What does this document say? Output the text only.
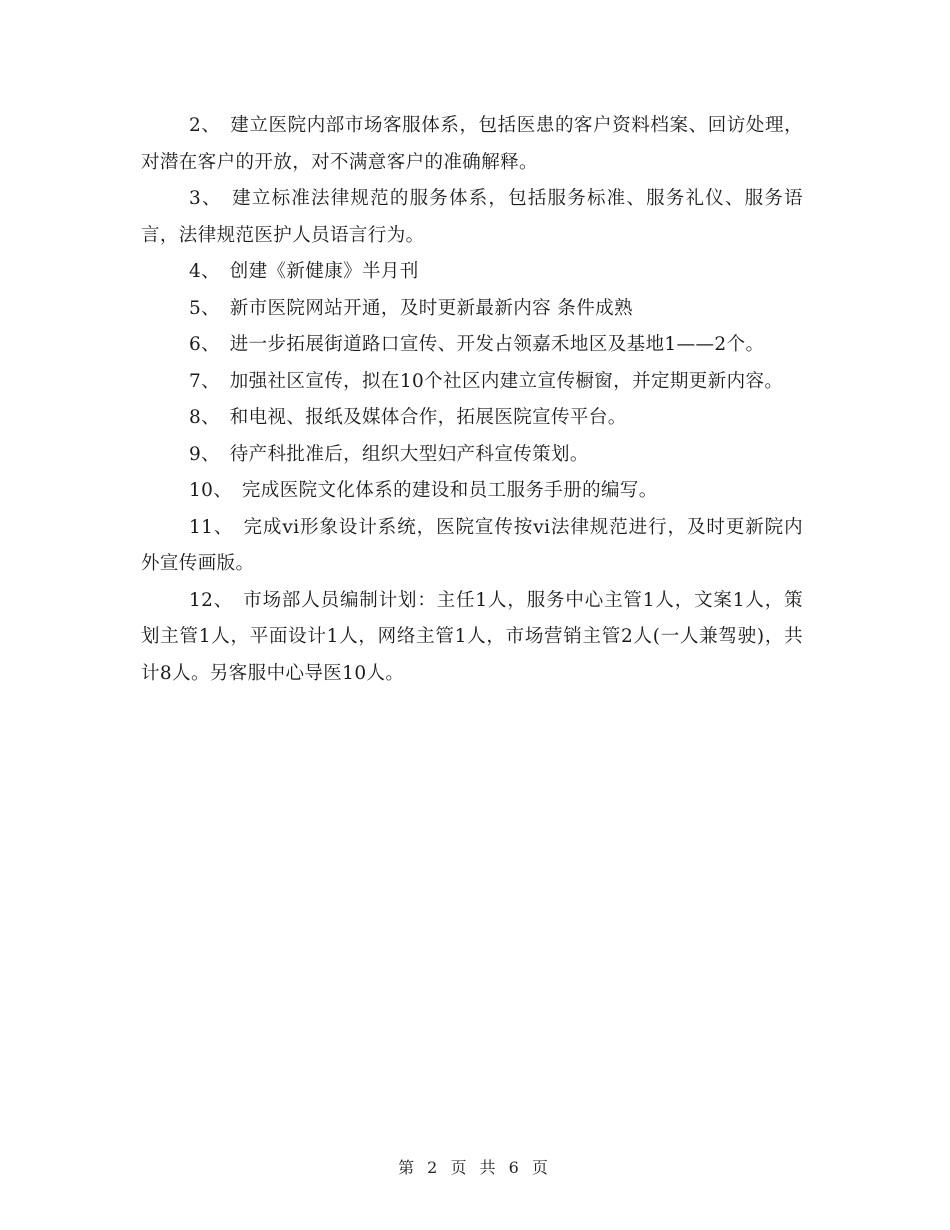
2、　建立医院内部市场客服体系，包括医患的客户资料档案、回访处理，对潜在客户的开放，对不满意客户的准确解释。

3、　建立标准法律规范的服务体系，包括服务标准、服务礼仪、服务语言，法律规范医护人员语言行为。

4、　创建《新健康》半月刊

5、　新市医院网站开通，及时更新最新内容 条件成熟

6、　进一步拓展街道路口宣传、开发占领嘉禾地区及基地1——2个。

7、　加强社区宣传，拟在10个社区内建立宣传橱窗，并定期更新内容。

8、　和电视、报纸及媒体合作，拓展医院宣传平台。

9、　待产科批准后，组织大型妇产科宣传策划。

10、　完成医院文化体系的建设和员工服务手册的编写。

11、　完成vi形象设计系统，医院宣传按vi法律规范进行，及时更新院内外宣传画版。

12、　市场部人员编制计划：主任1人，服务中心主管1人，文案1人，策划主管1人，平面设计1人，网络主管1人，市场营销主管2人(一人兼驾驶)，共计8人。另客服中心导医10人。

第 2 页 共 6 页
